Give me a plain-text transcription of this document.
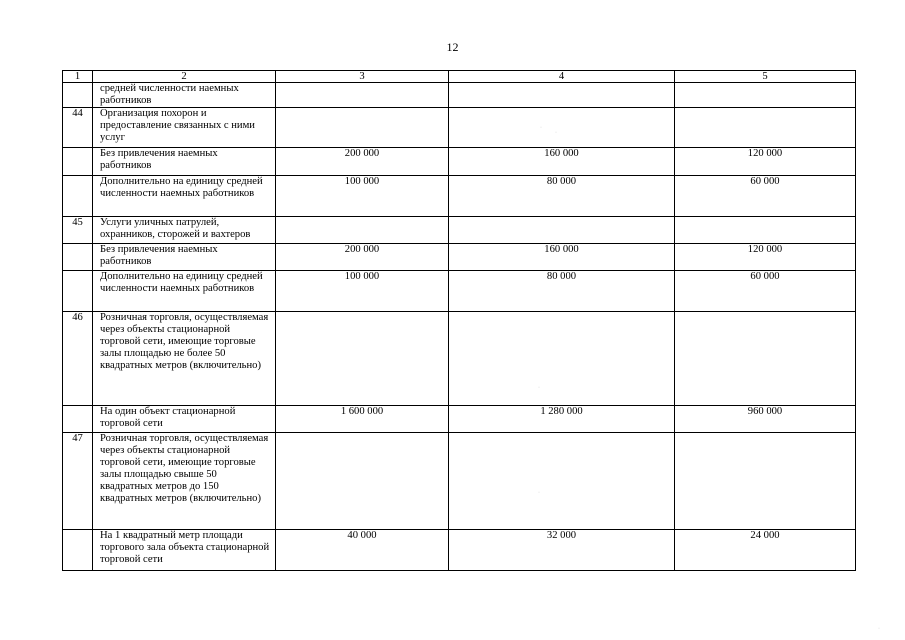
12
1	2	3	4	5
	средней численности наемных работников			
44	Организация похорон и предоставление связанных с ними услуг			
	Без привлечения наемных работников	200 000	160 000	120 000
	Дополнительно на единицу средней численности наемных работников	100 000	80 000	60 000
45	Услуги уличных патрулей, охранников, сторожей и вахтеров			
	Без привлечения наемных работников	200 000	160 000	120 000
	Дополнительно на единицу средней численности наемных работников	100 000	80 000	60 000
46	Розничная торговля, осуществляемая через объекты стационарной торговой сети, имеющие торговые залы площадью не более 50 квадратных метров (включительно)			
	На один объект стационарной торговой сети	1 600 000	1 280 000	960 000
47	Розничная торговля, осуществляемая через объекты стационарной торговой сети, имеющие торговые залы площадью свыше 50 квадратных метров до 150 квадратных метров (включительно)			
	На 1 квадратный метр площади торгового зала объекта стационарной торговой сети	40 000	32 000	24 000
·
·
·
·
·
